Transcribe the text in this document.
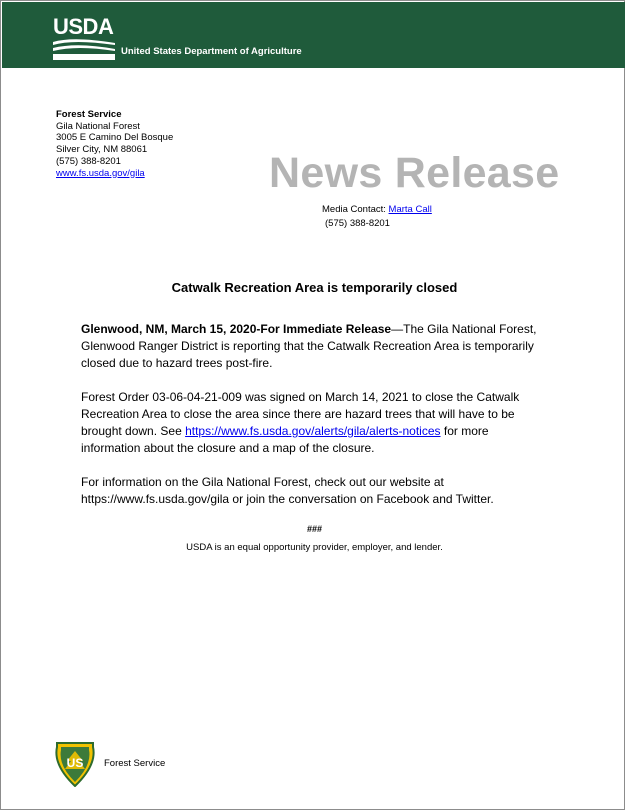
USDA
United States Department of Agriculture
Forest Service
Gila National Forest
3005 E Camino Del Bosque
Silver City, NM 88061
(575) 388-8201
www.fs.usda.gov/gila	News Release
Media Contact: Marta Call
(575) 388-8201
Catwalk Recreation Area is temporarily closed

Glenwood, NM, March 15, 2020-For Immediate Release—The Gila National Forest, Glenwood Ranger District is reporting that the Catwalk Recreation Area is temporarily closed due to hazard trees post-fire.

Forest Order 03-06-04-21-009 was signed on March 14, 2021 to close the Catwalk Recreation Area to close the area since there are hazard trees that will have to be brought down. See https://www.fs.usda.gov/alerts/gila/alerts-notices for more information about the closure and a map of the closure.

For information on the Gila National Forest, check out our website at https://www.fs.usda.gov/gila or join the conversation on Facebook and Twitter.

###
USDA is an equal opportunity provider, employer, and lender.
US Forest Service
